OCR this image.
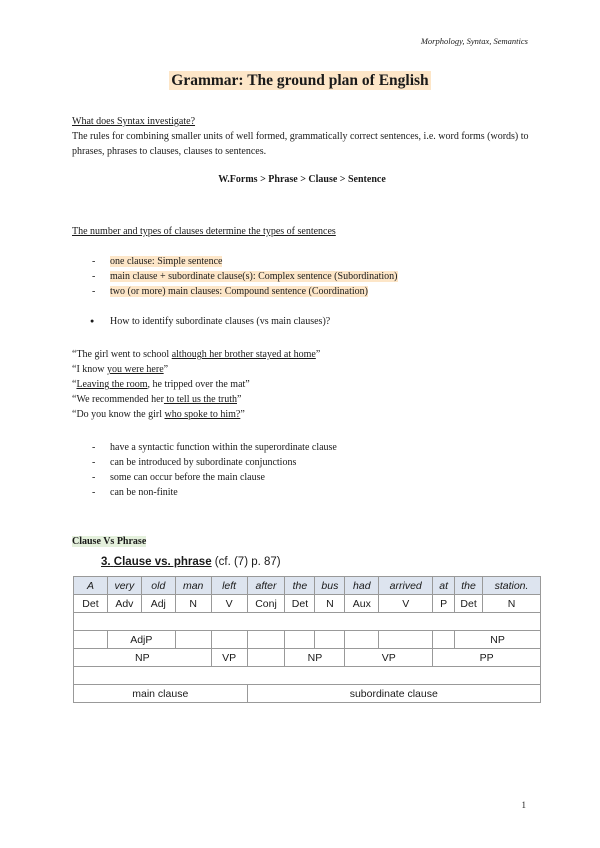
Morphology, Syntax, Semantics
Grammar: The ground plan of English
What does Syntax investigate?
The rules for combining smaller units of well formed, grammatically correct sentences, i.e. word forms (words) to phrases, phrases to clauses, clauses to sentences.
W.Forms > Phrase > Clause > Sentence
The number and types of clauses determine the types of sentences
- one clause: Simple sentence
- main clause + subordinate clause(s): Complex sentence (Subordination)
- two (or more) main clauses: Compound sentence (Coordination)
● How to identify subordinate clauses (vs main clauses)?
“The girl went to school although her brother stayed at home”
“I know you were here”
“Leaving the room, he tripped over the mat”
“We recommended her to tell us the truth”
“Do you know the girl who spoke to him?”
- have a syntactic function within the superordinate clause
- can be introduced by subordinate conjunctions
- some can occur before the main clause
- can be non-finite
Clause Vs Phrase
3. Clause vs. phrase (cf. (7) p. 87)
A	very	old	man	left	after	the	bus	had	arrived	at	the	station.
Det	Adv	Adj	N	V	Conj	Det	N	Aux	V	P	Det	N

	AdjP										NP	
NP				VP		NP		VP		PP		

main clause					subordinate clause							
1
